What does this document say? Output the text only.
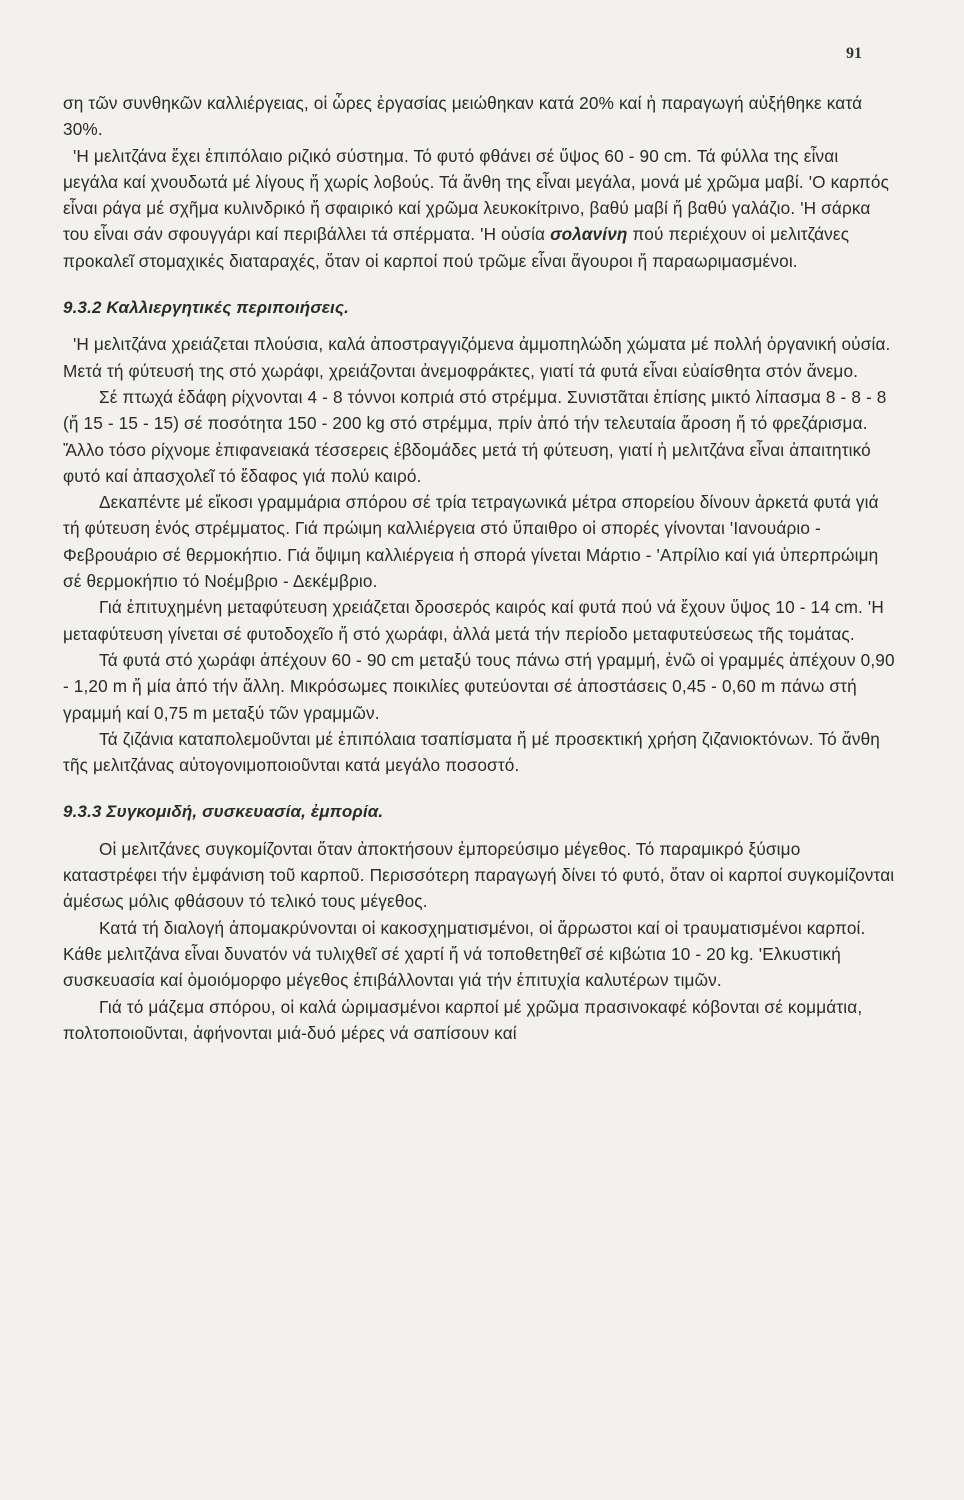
91

ση τῶν συνθηκῶν καλλιέργειας, οἱ ὧρες ἐργασίας μειώθηκαν κατά 20% καί ἡ παραγωγή αὐξήθηκε κατά 30%.

'Η μελιτζάνα ἔχει ἐπιπόλαιο ριζικό σύστημα. Τό φυτό φθάνει σέ ὕψος 60 - 90 cm. Τά φύλλα της εἶναι μεγάλα καί χνουδωτά μέ λίγους ἤ χωρίς λοβούς. Τά ἄνθη της εἶναι μεγάλα, μονά μέ χρῶμα μαβί. 'Ο καρπός εἶναι ράγα μέ σχῆμα κυλινδρικό ἤ σφαιρικό καί χρῶμα λευκοκίτρινο, βαθύ μαβί ἤ βαθύ γαλάζιο. 'Η σάρκα του εἶναι σάν σφουγγάρι καί περιβάλλει τά σπέρματα. 'Η οὐσία σολανίνη πού περιέχουν οἱ μελιτζάνες προκαλεῖ στομαχικές διαταραχές, ὅταν οἱ καρποί πού τρῶμε εἶναι ἄγουροι ἤ παραωριμασμένοι.

9.3.2 Καλλιεργητικές περιποιήσεις.

'Η μελιτζάνα χρειάζεται πλούσια, καλά ἀποστραγγιζόμενα ἀμμοπηλώδη χώματα μέ πολλή ὀργανική οὐσία. Μετά τή φύτευσή της στό χωράφι, χρειάζονται ἀνεμοφράκτες, γιατί τά φυτά εἶναι εὐαίσθητα στόν ἄνεμο.

Σέ πτωχά ἐδάφη ρίχνονται 4 - 8 τόννοι κοπριά στό στρέμμα. Συνιστᾶται ἐπίσης μικτό λίπασμα 8 - 8 - 8 (ἤ 15 - 15 - 15) σέ ποσότητα 150 - 200 kg στό στρέμμα, πρίν ἀπό τήν τελευταία ἄροση ἤ τό φρεζάρισμα. Ἄλλο τόσο ρίχνομε ἐπιφανειακά τέσσερεις ἑβδομάδες μετά τή φύτευση, γιατί ἡ μελιτζάνα εἶναι ἀπαιτητικό φυτό καί ἀπασχολεῖ τό ἔδαφος γιά πολύ καιρό.

Δεκαπέντε μέ εἴκοσι γραμμάρια σπόρου σέ τρία τετραγωνικά μέτρα σπορείου δίνουν ἀρκετά φυτά γιά τή φύτευση ἑνός στρέμματος. Γιά πρώιμη καλλιέργεια στό ὕπαιθρο οἱ σπορές γίνονται 'Ιανουάριο - Φεβρουάριο σέ θερμοκήπιο. Γιά ὄψιμη καλλιέργεια ἡ σπορά γίνεται Μάρτιο - 'Απρίλιο καί γιά ὑπερπρώιμη σέ θερμοκήπιο τό Νοέμβριο - Δεκέμβριο.

Γιά ἐπιτυχημένη μεταφύτευση χρειάζεται δροσερός καιρός καί φυτά πού νά ἔχουν ὕψος 10 - 14 cm. 'Η μεταφύτευση γίνεται σέ φυτοδοχεῖο ἤ στό χωράφι, ἀλλά μετά τήν περίοδο μεταφυτεύσεως τῆς τομάτας.

Τά φυτά στό χωράφι ἀπέχουν 60 - 90 cm μεταξύ τους πάνω στή γραμμή, ἐνῶ οἱ γραμμές ἀπέχουν 0,90 - 1,20 m ἤ μία ἀπό τήν ἄλλη. Μικρόσωμες ποικιλίες φυτεύονται σέ ἀποστάσεις 0,45 - 0,60 m πάνω στή γραμμή καί 0,75 m μεταξύ τῶν γραμμῶν.

Τά ζιζάνια καταπολεμοῦνται μέ ἐπιπόλαια τσαπίσματα ἤ μέ προσεκτική χρήση ζιζανιοκτόνων. Τό ἄνθη τῆς μελιτζάνας αὐτογονιμοποιοῦνται κατά μεγάλο ποσοστό.

9.3.3 Συγκομιδή, συσκευασία, ἐμπορία.

Οἱ μελιτζάνες συγκομίζονται ὅταν ἀποκτήσουν ἐμπορεύσιμο μέγεθος. Τό παραμικρό ξύσιμο καταστρέφει τήν ἐμφάνιση τοῦ καρποῦ. Περισσότερη παραγωγή δίνει τό φυτό, ὅταν οἱ καρποί συγκομίζονται ἀμέσως μόλις φθάσουν τό τελικό τους μέγεθος.

Κατά τή διαλογή ἀπομακρύνονται οἱ κακοσχηματισμένοι, οἱ ἄρρωστοι καί οἱ τραυματισμένοι καρποί. Κάθε μελιτζάνα εἶναι δυνατόν νά τυλιχθεῖ σέ χαρτί ἤ νά τοποθετηθεῖ σέ κιβώτια 10 - 20 kg. 'Ελκυστική συσκευασία καί ὁμοιόμορφο μέγεθος ἐπιβάλλονται γιά τήν ἐπιτυχία καλυτέρων τιμῶν.

Γιά τό μάζεμα σπόρου, οἱ καλά ὡριμασμένοι καρποί μέ χρῶμα πρασινοκαφέ κόβονται σέ κομμάτια, πολτοποιοῦνται, ἀφήνονται μιά-δυό μέρες νά σαπίσουν καί
